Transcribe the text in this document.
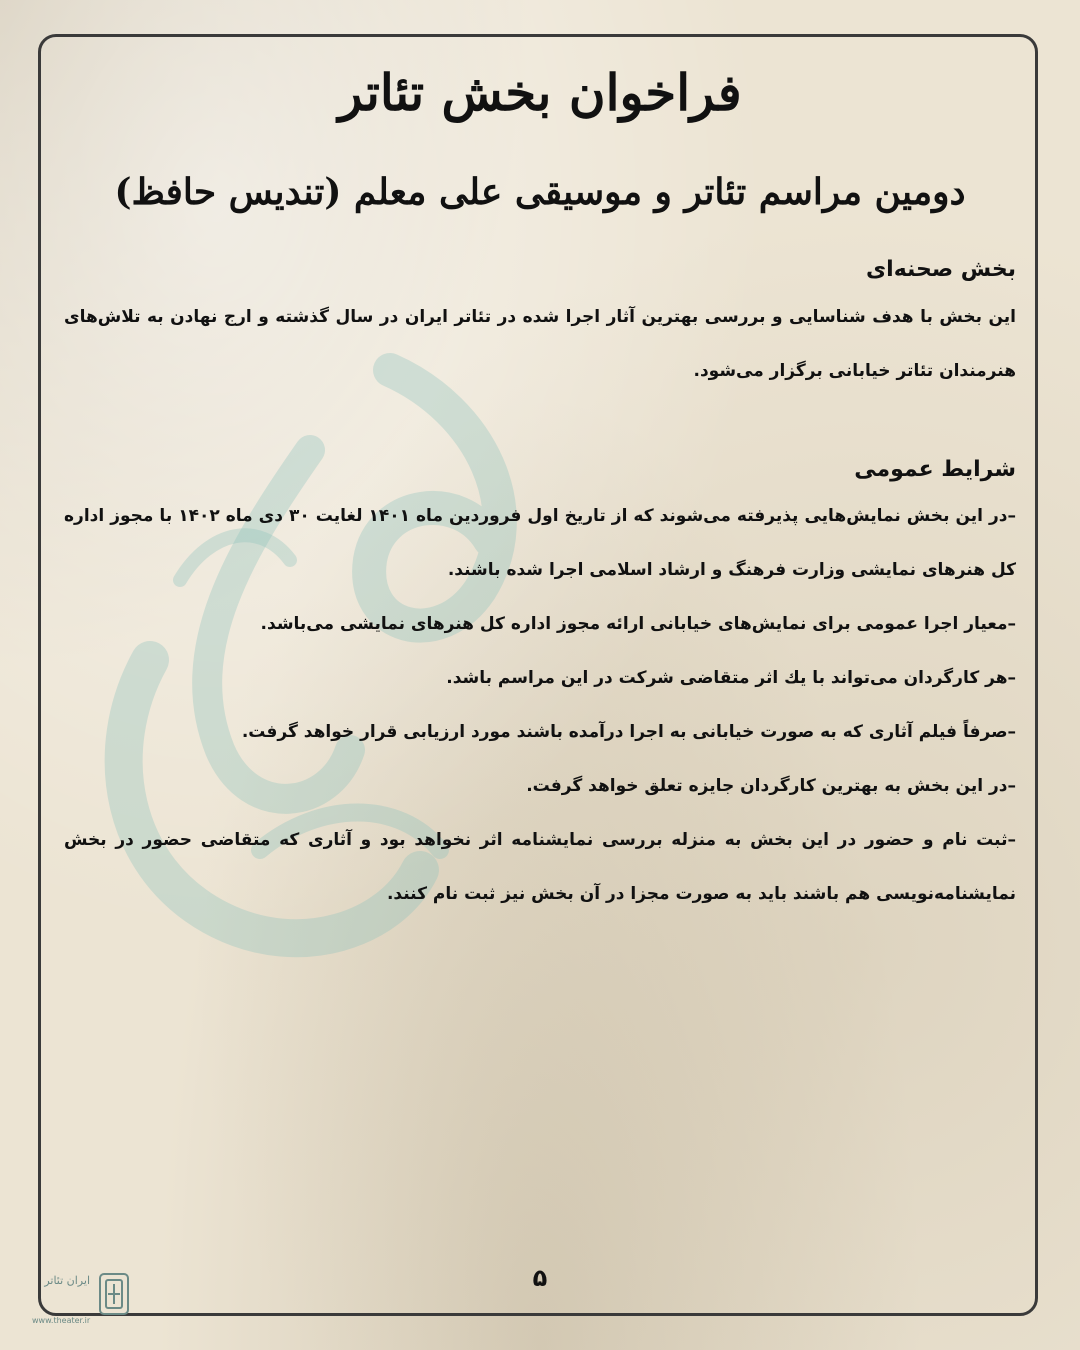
فراخوان بخش تئاتر
دومین مراسم تئاتر و موسیقی علی معلم (تندیس حافظ)
بخش صحنه‌ای

این بخش با هدف شناسایی و بررسی بهترین آثار اجرا شده در تئاتر ایران در سال گذشته و ارج نهادن به تلاش‌های هنرمندان تئاتر خیابانی برگزار می‌شود.

شرایط عمومی

–در این بخش نمایش‌هایی پذیرفته می‌شوند که از تاریخ اول فروردین ماه ۱۴۰۱ لغایت ۳۰ دی ماه ۱۴۰۲ با مجوز اداره کل هنرهای نمایشی وزارت فرهنگ و ارشاد اسلامی اجرا شده باشند.

–معیار اجرا عمومی برای نمایش‌های خیابانی ارائه مجوز اداره کل هنرهای نمایشی می‌باشد.

–هر کارگردان می‌تواند با یك اثر متقاضی شرکت در این مراسم باشد.

–صرفاً فیلم آثاری که به صورت خیابانی به اجرا درآمده باشند مورد ارزیابی قرار خواهد گرفت.

–در این بخش به بهترین کارگردان جایزه تعلق خواهد گرفت.

–ثبت نام و حضور در این بخش به منزله بررسی نمایشنامه اثر نخواهد بود و آثاری که متقاضی حضور در بخش نمایشنامه‌نویسی هم باشند باید به صورت مجزا در آن بخش نیز ثبت نام کنند.

۵
ایران تئاتر
www.theater.ir
